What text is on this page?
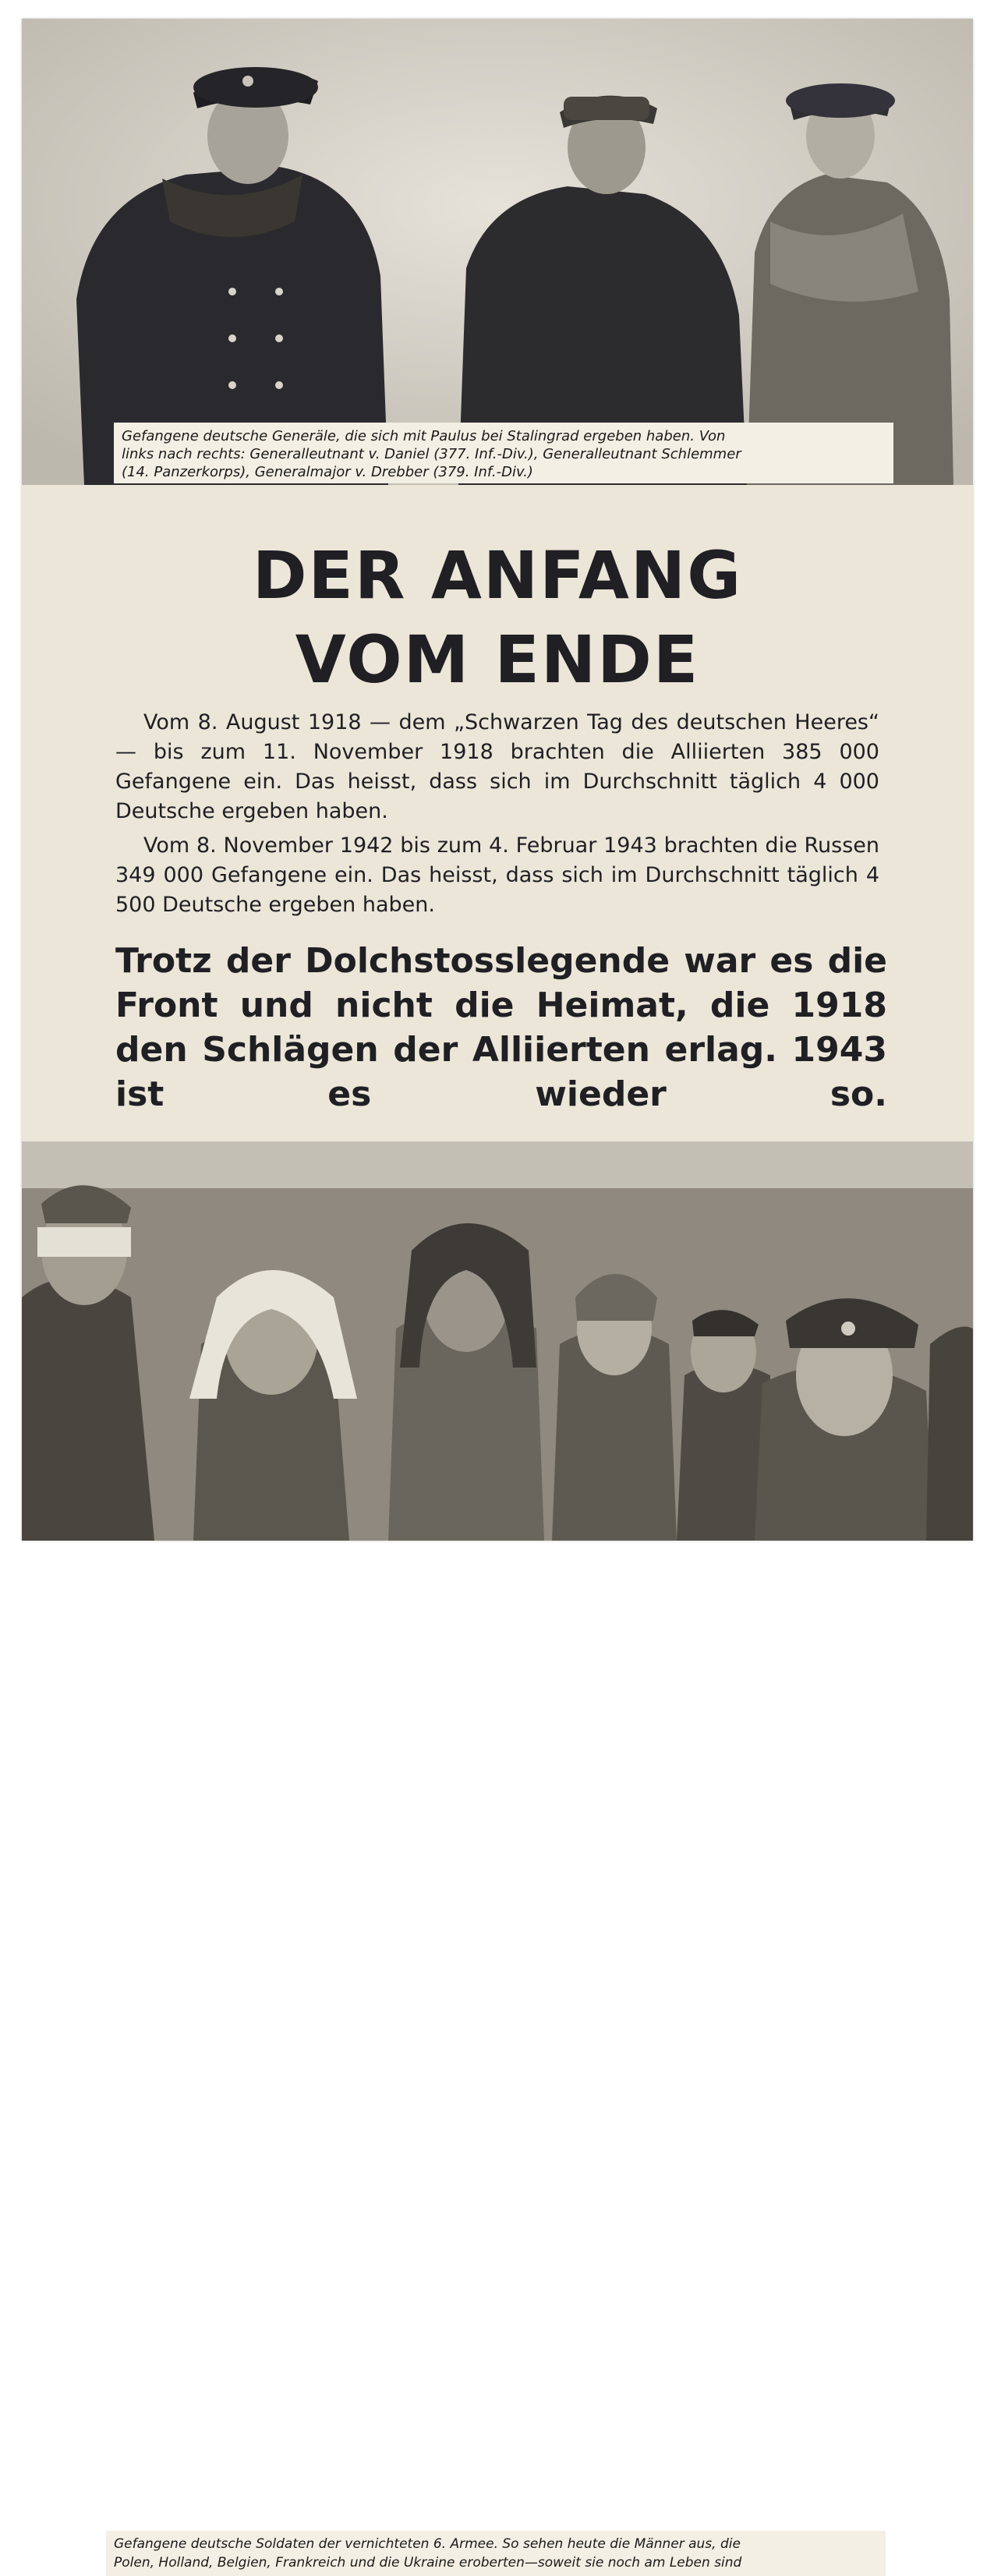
Gefangene deutsche Generäle, die sich mit Paulus bei Stalingrad ergeben haben. Von
links nach rechts: Generalleutnant v. Daniel (377. Inf.-Div.), Generalleutnant Schlemmer
(14. Panzerkorps), Generalmajor v. Drebber (379. Inf.-Div.)
DER ANFANG
VOM ENDE

Vom 8. August 1918 — dem „Schwarzen Tag des deutschen Heeres“ — bis zum 11. November 1918 brachten die Alliierten 385 000 Gefangene ein. Das heisst, dass sich im Durchschnitt täglich 4 000 Deutsche ergeben haben.

Vom 8. November 1942 bis zum 4. Februar 1943 brachten die Russen 349 000 Gefangene ein. Das heisst, dass sich im Durchschnitt täglich 4 500 Deutsche ergeben haben.

Trotz der Dolchstosslegende war es die Front und nicht die Heimat, die 1918 den Schlägen der Alliierten erlag. 1943 ist es wieder so.
Gefangene deutsche Soldaten der vernichteten 6. Armee. So sehen heute die Männer aus, die
Polen, Holland, Belgien, Frankreich und die Ukraine eroberten—soweit sie noch am Leben sind
